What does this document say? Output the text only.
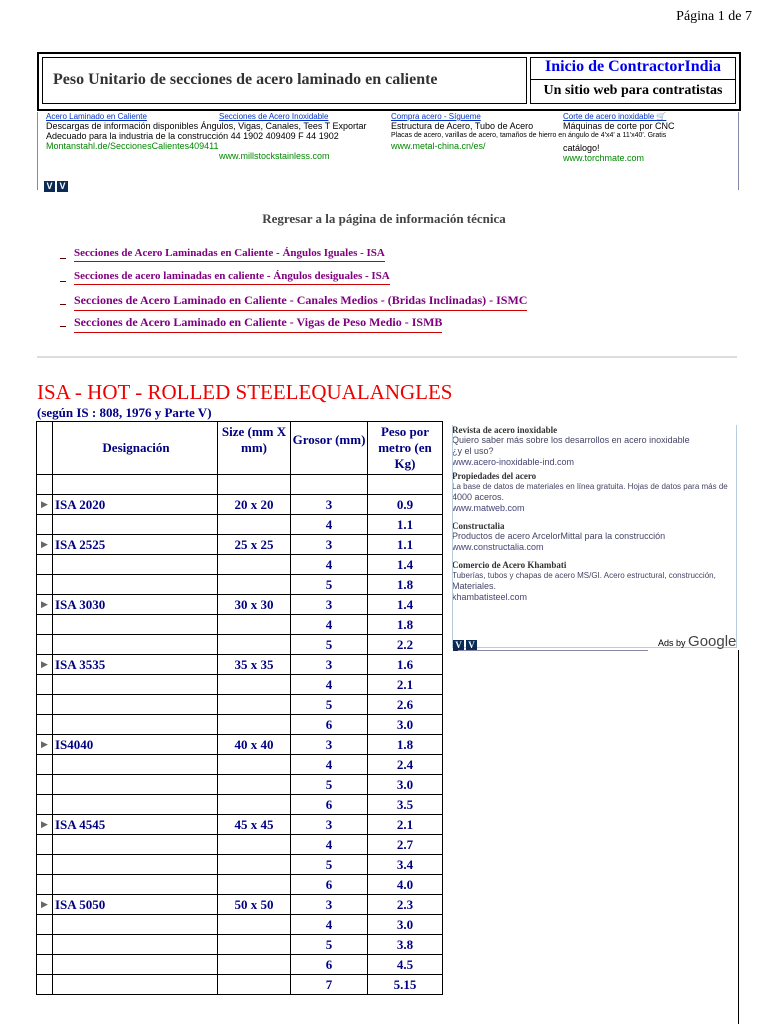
Página 1 de 7
Peso Unitario de secciones de acero laminado en caliente
Inicio de ContractorIndia
Un sitio web para contratistas
Acero Laminado en Caliente
Descargas de información disponibles Ángulos, Vigas, Canales, Tees T Exportar
Adecuado para la industria de la construcción 44 1902 409409 F 44 1902
Montanstahl.de/SeccionesCalientes409411
Secciones de Acero Inoxidable

www.millstockstainless.com
Compra acero - Sígueme
Estructura de Acero, Tubo de Acero
Placas de acero, varillas de acero, tamaños de hierro en ángulo de 4'x4' a 11'x40'. Gratis
www.metal-china.cn/es/
Corte de acero inoxidable 🛒
Máquinas de corte por CNC
catálogo!
www.torchmate.com
V V
Regresar a la página de información técnica
Secciones de Acero Laminadas en Caliente - Ángulos Iguales - ISA
Secciones de acero laminadas en caliente - Ángulos desiguales - ISA
Secciones de Acero Laminado en Caliente - Canales Medios - (Bridas Inclinadas) - ISMC
Secciones de Acero Laminado en Caliente - Vigas de Peso Medio - ISMB
ISA - HOT - ROLLED STEELEQUALANGLES
(según IS : 808, 1976 y Parte V)
	Designación	Size (mm X mm)	Grosor (mm)	Peso por metro (en Kg)

▶	ISA 2020	20 x 20	3	0.9
			4	1.1
▶	ISA 2525	25 x 25	3	1.1
			4	1.4
			5	1.8
▶	ISA 3030	30 x 30	3	1.4
			4	1.8
			5	2.2
▶	ISA 3535	35 x 35	3	1.6
			4	2.1
			5	2.6
			6	3.0
▶	IS4040	40 x 40	3	1.8
			4	2.4
			5	3.0
			6	3.5
▶	ISA 4545	45 x 45	3	2.1
			4	2.7
			5	3.4
			6	4.0
▶	ISA 5050	50 x 50	3	2.3
			4	3.0
			5	3.8
			6	4.5
			7	5.15
Revista de acero inoxidable
Quiero saber más sobre los desarrollos en acero inoxidable
¿y el uso?
www.acero-inoxidable-ind.com
Propiedades del acero
La base de datos de materiales en línea gratuita. Hojas de datos para más de
4000 aceros.
www.matweb.com
Constructalia
Productos de acero ArcelorMittal para la construcción
www.constructalia.com
Comercio de Acero Khambati
Tuberías, tubos y chapas de acero MS/GI. Acero estructural, construcción,
Materiales.
khambatisteel.com
V V	Ads by Google
